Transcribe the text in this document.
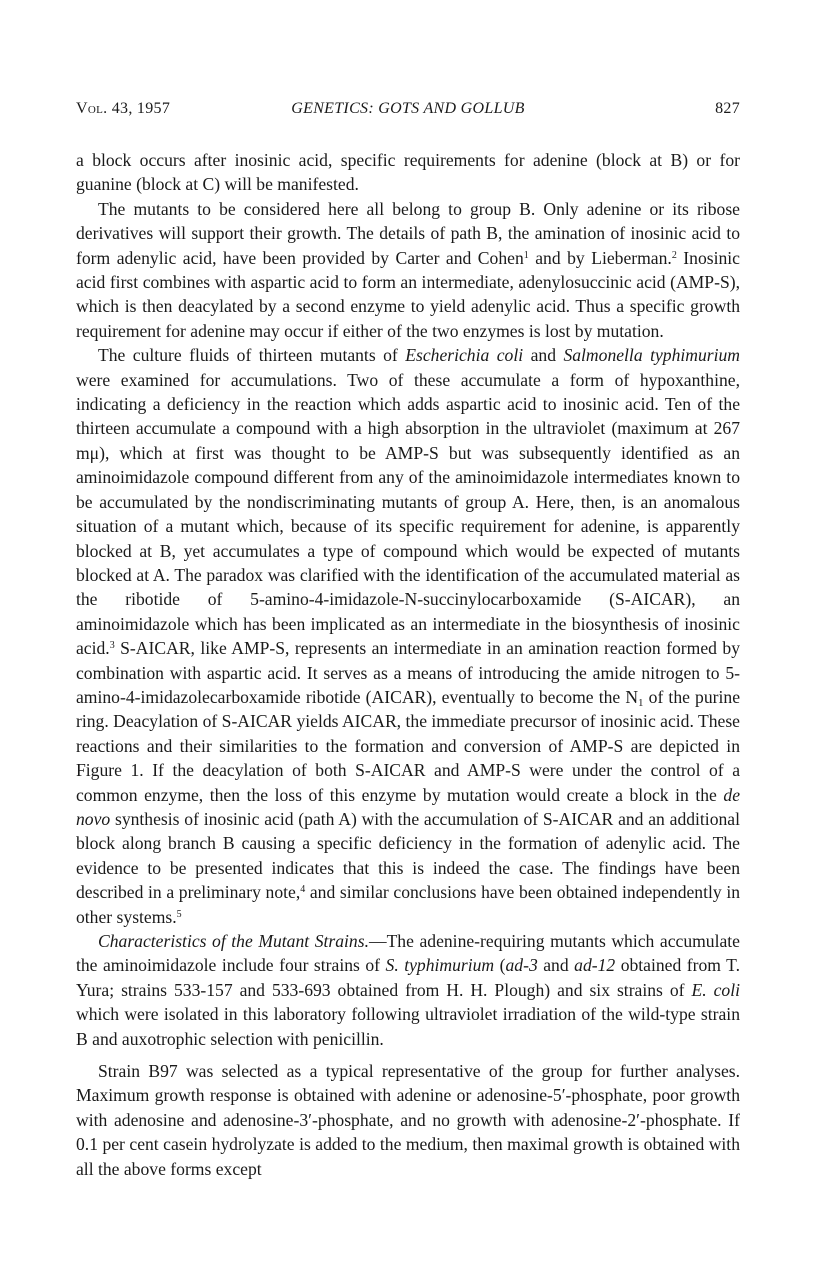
Vol. 43, 1957	GENETICS: GOTS AND GOLLUB	827

a block occurs after inosinic acid, specific requirements for adenine (block at B) or for guanine (block at C) will be manifested.

The mutants to be considered here all belong to group B. Only adenine or its ribose derivatives will support their growth. The details of path B, the amination of inosinic acid to form adenylic acid, have been provided by Carter and Cohen$^1$ and by Lieberman.$^2$ Inosinic acid first combines with aspartic acid to form an intermediate, adenylosuccinic acid (AMP-S), which is then deacylated by a second enzyme to yield adenylic acid. Thus a specific growth requirement for adenine may occur if either of the two enzymes is lost by mutation.

The culture fluids of thirteen mutants of Escherichia coli and Salmonella typhimurium were examined for accumulations. Two of these accumulate a form of hypoxanthine, indicating a deficiency in the reaction which adds aspartic acid to inosinic acid. Ten of the thirteen accumulate a compound with a high absorption in the ultraviolet (maximum at 267 mμ), which at first was thought to be AMP-S but was subsequently identified as an aminoimidazole compound different from any of the aminoimidazole intermediates known to be accumulated by the nondiscriminating mutants of group A. Here, then, is an anomalous situation of a mutant which, because of its specific requirement for adenine, is apparently blocked at B, yet accumulates a type of compound which would be expected of mutants blocked at A. The paradox was clarified with the identification of the accumulated material as the ribotide of 5-amino-4-imidazole-N-succinylocarboxamide (S-AICAR), an aminoimidazole which has been implicated as an intermediate in the biosynthesis of inosinic acid.$^3$ S-AICAR, like AMP-S, represents an intermediate in an amination reaction formed by combination with aspartic acid. It serves as a means of introducing the amide nitrogen to 5-amino-4-imidazolecarboxamide ribotide (AICAR), eventually to become the $N_1$ of the purine ring. Deacylation of S-AICAR yields AICAR, the immediate precursor of inosinic acid. These reactions and their similarities to the formation and conversion of AMP-S are depicted in Figure 1. If the deacylation of both S-AICAR and AMP-S were under the control of a common enzyme, then the loss of this enzyme by mutation would create a block in the de novo synthesis of inosinic acid (path A) with the accumulation of S-AICAR and an additional block along branch B causing a specific deficiency in the formation of adenylic acid. The evidence to be presented indicates that this is indeed the case. The findings have been described in a preliminary note,$^4$ and similar conclusions have been obtained independently in other systems.$^5$

Characteristics of the Mutant Strains.—The adenine-requiring mutants which accumulate the aminoimidazole include four strains of S. typhimurium (ad-3 and ad-12 obtained from T. Yura; strains 533-157 and 533-693 obtained from H. H. Plough) and six strains of E. coli which were isolated in this laboratory following ultraviolet irradiation of the wild-type strain B and auxotrophic selection with penicillin.

Strain B97 was selected as a typical representative of the group for further analyses. Maximum growth response is obtained with adenine or adenosine-5′-phosphate, poor growth with adenosine and adenosine-3′-phosphate, and no growth with adenosine-2′-phosphate. If 0.1 per cent casein hydrolyzate is added to the medium, then maximal growth is obtained with all the above forms except
